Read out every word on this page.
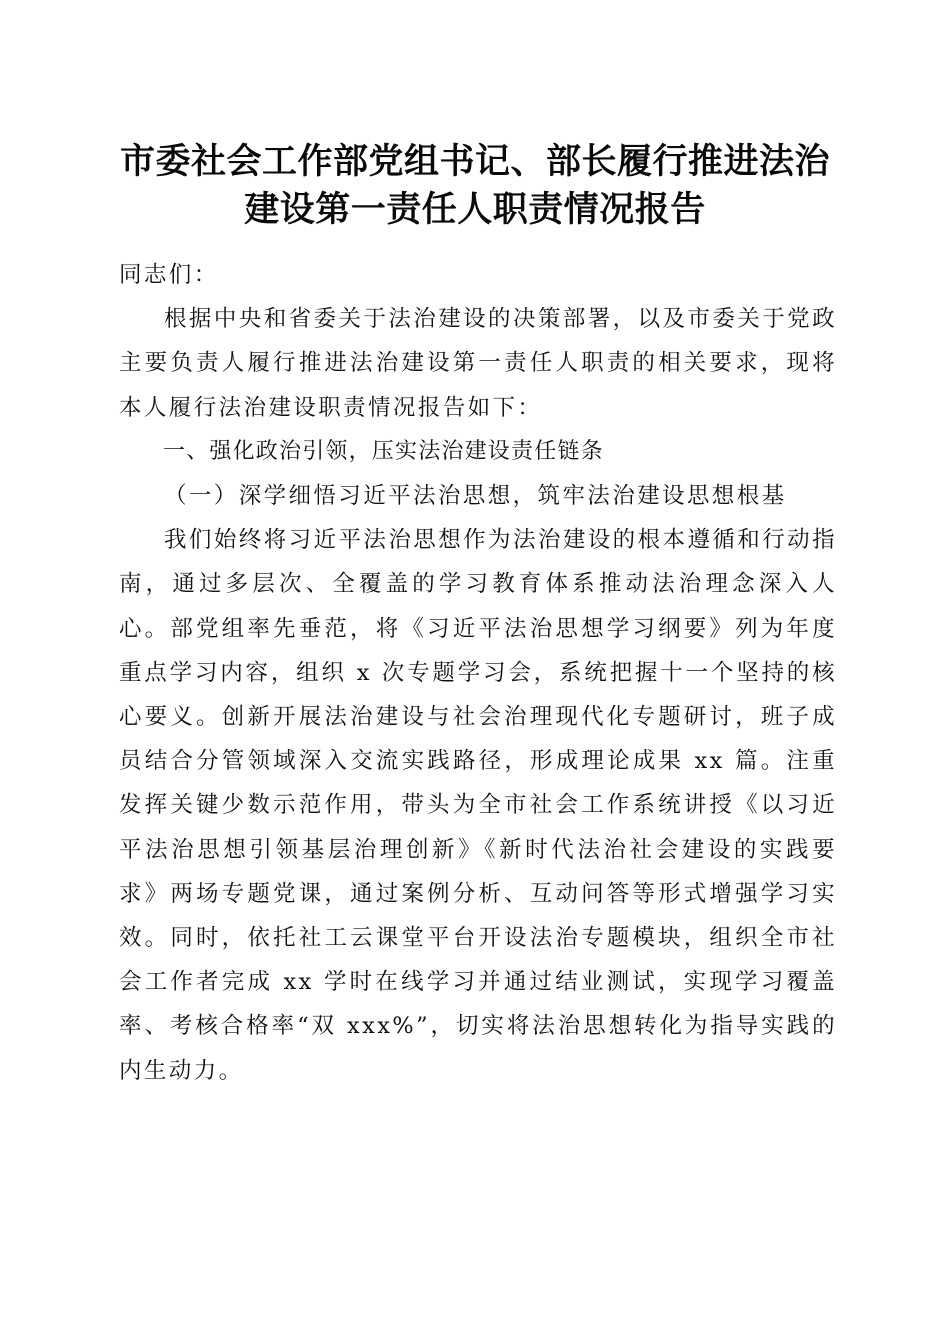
市委社会工作部党组书记、部长履行推进法治
建设第一责任人职责情况报告

同志们：

根据中央和省委关于法治建设的决策部署，以及市委关于党政主要负责人履行推进法治建设第一责任人职责的相关要求，现将本人履行法治建设职责情况报告如下：

一、强化政治引领，压实法治建设责任链条

（一）深学细悟习近平法治思想，筑牢法治建设思想根基

我们始终将习近平法治思想作为法治建设的根本遵循和行动指南，通过多层次、全覆盖的学习教育体系推动法治理念深入人心。部党组率先垂范，将《习近平法治思想学习纲要》列为年度重点学习内容，组织 x 次专题学习会，系统把握十一个坚持的核心要义。创新开展法治建设与社会治理现代化专题研讨，班子成员结合分管领域深入交流实践路径，形成理论成果 xx 篇。注重发挥关键少数示范作用，带头为全市社会工作系统讲授《以习近平法治思想引领基层治理创新》《新时代法治社会建设的实践要求》两场专题党课，通过案例分析、互动问答等形式增强学习实效。同时，依托社工云课堂平台开设法治专题模块，组织全市社会工作者完成 xx 学时在线学习并通过结业测试，实现学习覆盖率、考核合格率“双 xxx%”，切实将法治思想转化为指导实践的内生动力。
